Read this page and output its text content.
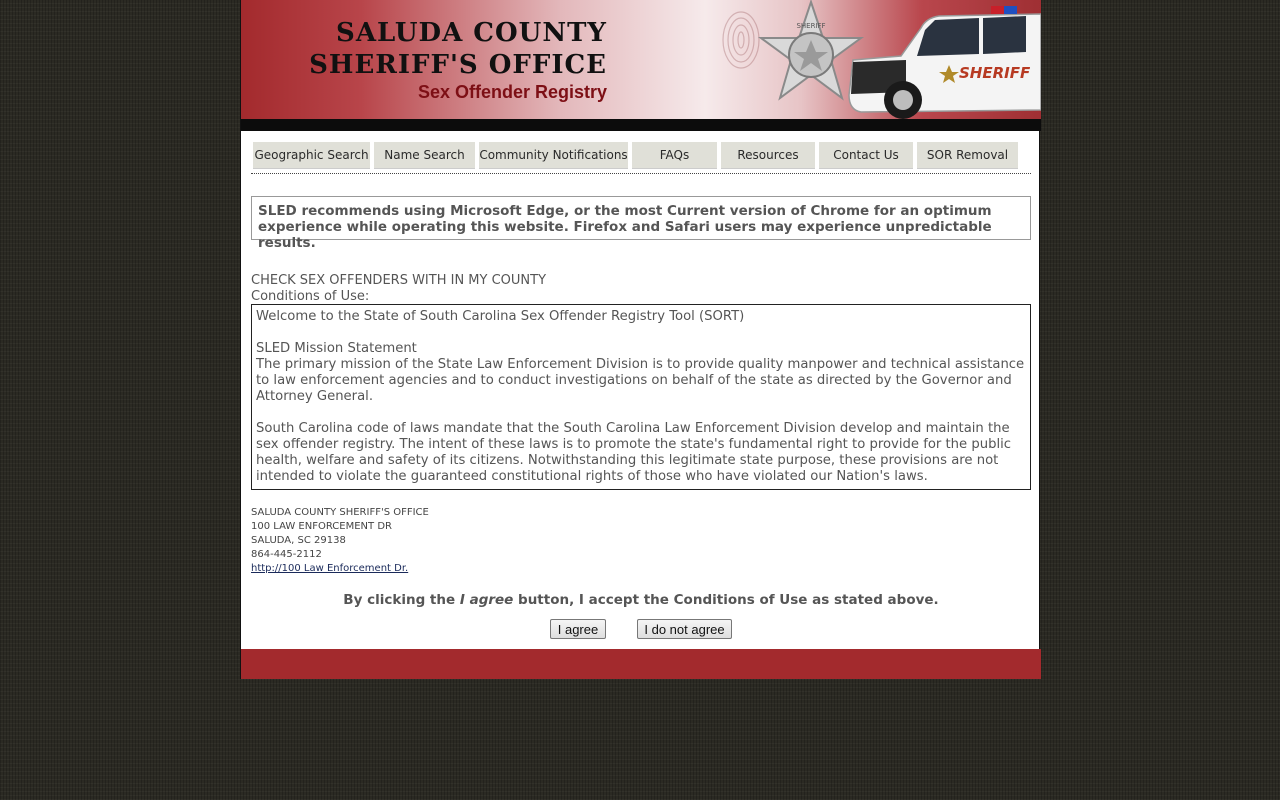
SALUDA COUNTY
SHERIFF'S OFFICE
Sex Offender Registry
SHERIFF
SHERIFF
Geographic Search	Name Search	Community Notifications	FAQs	Resources	Contact Us	SOR Removal
SLED recommends using Microsoft Edge, or the most Current version of Chrome for an optimum experience while operating this website. Firefox and Safari users may experience unpredictable results.
CHECK SEX OFFENDERS WITH IN MY COUNTY
Conditions of Use:

Welcome to the State of South Carolina Sex Offender Registry Tool (SORT)

SLED Mission Statement

The primary mission of the State Law Enforcement Division is to provide quality manpower and technical assistance to law enforcement agencies and to conduct investigations on behalf of the state as directed by the Governor and Attorney General.

South Carolina code of laws mandate that the South Carolina Law Enforcement Division develop and maintain the sex offender registry. The intent of these laws is to promote the state's fundamental right to provide for the public health, welfare and safety of its citizens. Notwithstanding this legitimate state purpose, these provisions are not intended to violate the guaranteed constitutional rights of those who have violated our Nation's laws.

SALUDA COUNTY SHERIFF'S OFFICE
100 LAW ENFORCEMENT DR
SALUDA, SC 29138
864-445-2112
http://100 Law Enforcement Dr.
By clicking the I agree button, I accept the Conditions of Use as stated above.
I agree	I do not agree
